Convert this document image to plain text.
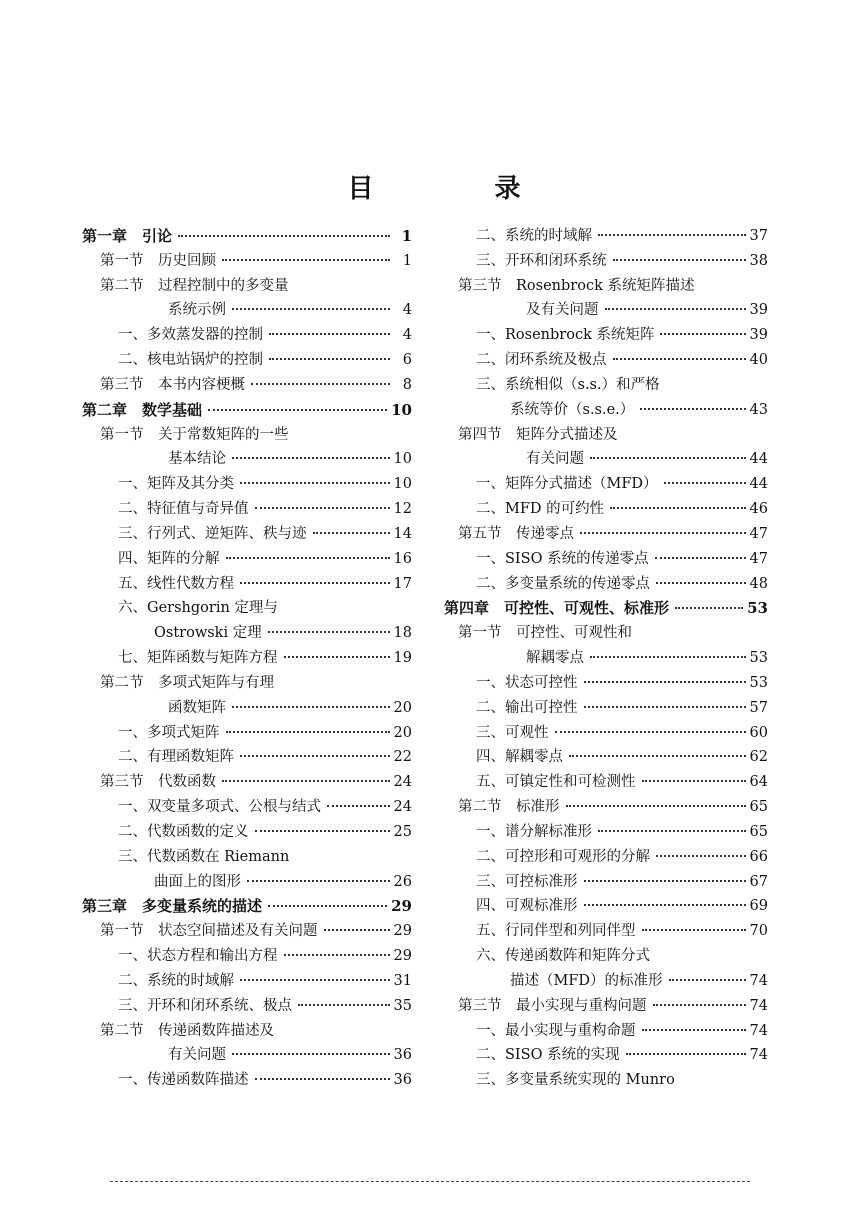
目 录
第一章　引论	1
第一节　历史回顾	1
第二节　过程控制中的多变量
系统示例	4
一、多效蒸发器的控制	4
二、核电站锅炉的控制	6
第三节　本书内容梗概	8
第二章　数学基础	10
第一节　关于常数矩阵的一些
基本结论	10
一、矩阵及其分类	10
二、特征值与奇异值	12
三、行列式、逆矩阵、秩与迹	14
四、矩阵的分解	16
五、线性代数方程	17
六、Gershgorin 定理与
Ostrowski 定理	18
七、矩阵函数与矩阵方程	19
第二节　多项式矩阵与有理
函数矩阵	20
一、多项式矩阵	20
二、有理函数矩阵	22
第三节　代数函数	24
一、双变量多项式、公根与结式	24
二、代数函数的定义	25
三、代数函数在 Riemann
曲面上的图形	26
第三章　多变量系统的描述	29
第一节　状态空间描述及有关问题	29
一、状态方程和输出方程	29
二、系统的时域解	31
三、开环和闭环系统、极点	35
第二节　传递函数阵描述及
有关问题	36
一、传递函数阵描述	36
二、系统的时域解	37
三、开环和闭环系统	38
第三节　Rosenbrock 系统矩阵描述
及有关问题	39
一、Rosenbrock 系统矩阵	39
二、闭环系统及极点	40
三、系统相似（s.s.）和严格
系统等价（s.s.e.）	43
第四节　矩阵分式描述及
有关问题	44
一、矩阵分式描述（MFD）	44
二、MFD 的可约性	46
第五节　传递零点	47
一、SISO 系统的传递零点	47
二、多变量系统的传递零点	48
第四章　可控性、可观性、标准形	53
第一节　可控性、可观性和
解耦零点	53
一、状态可控性	53
二、输出可控性	57
三、可观性	60
四、解耦零点	62
五、可镇定性和可检测性	64
第二节　标准形	65
一、谱分解标准形	65
二、可控形和可观形的分解	66
三、可控标准形	67
四、可观标准形	69
五、行同伴型和列同伴型	70
六、传递函数阵和矩阵分式
描述（MFD）的标准形	74
第三节　最小实现与重构问题	74
一、最小实现与重构命题	74
二、SISO 系统的实现	74
三、多变量系统实现的 Munro
